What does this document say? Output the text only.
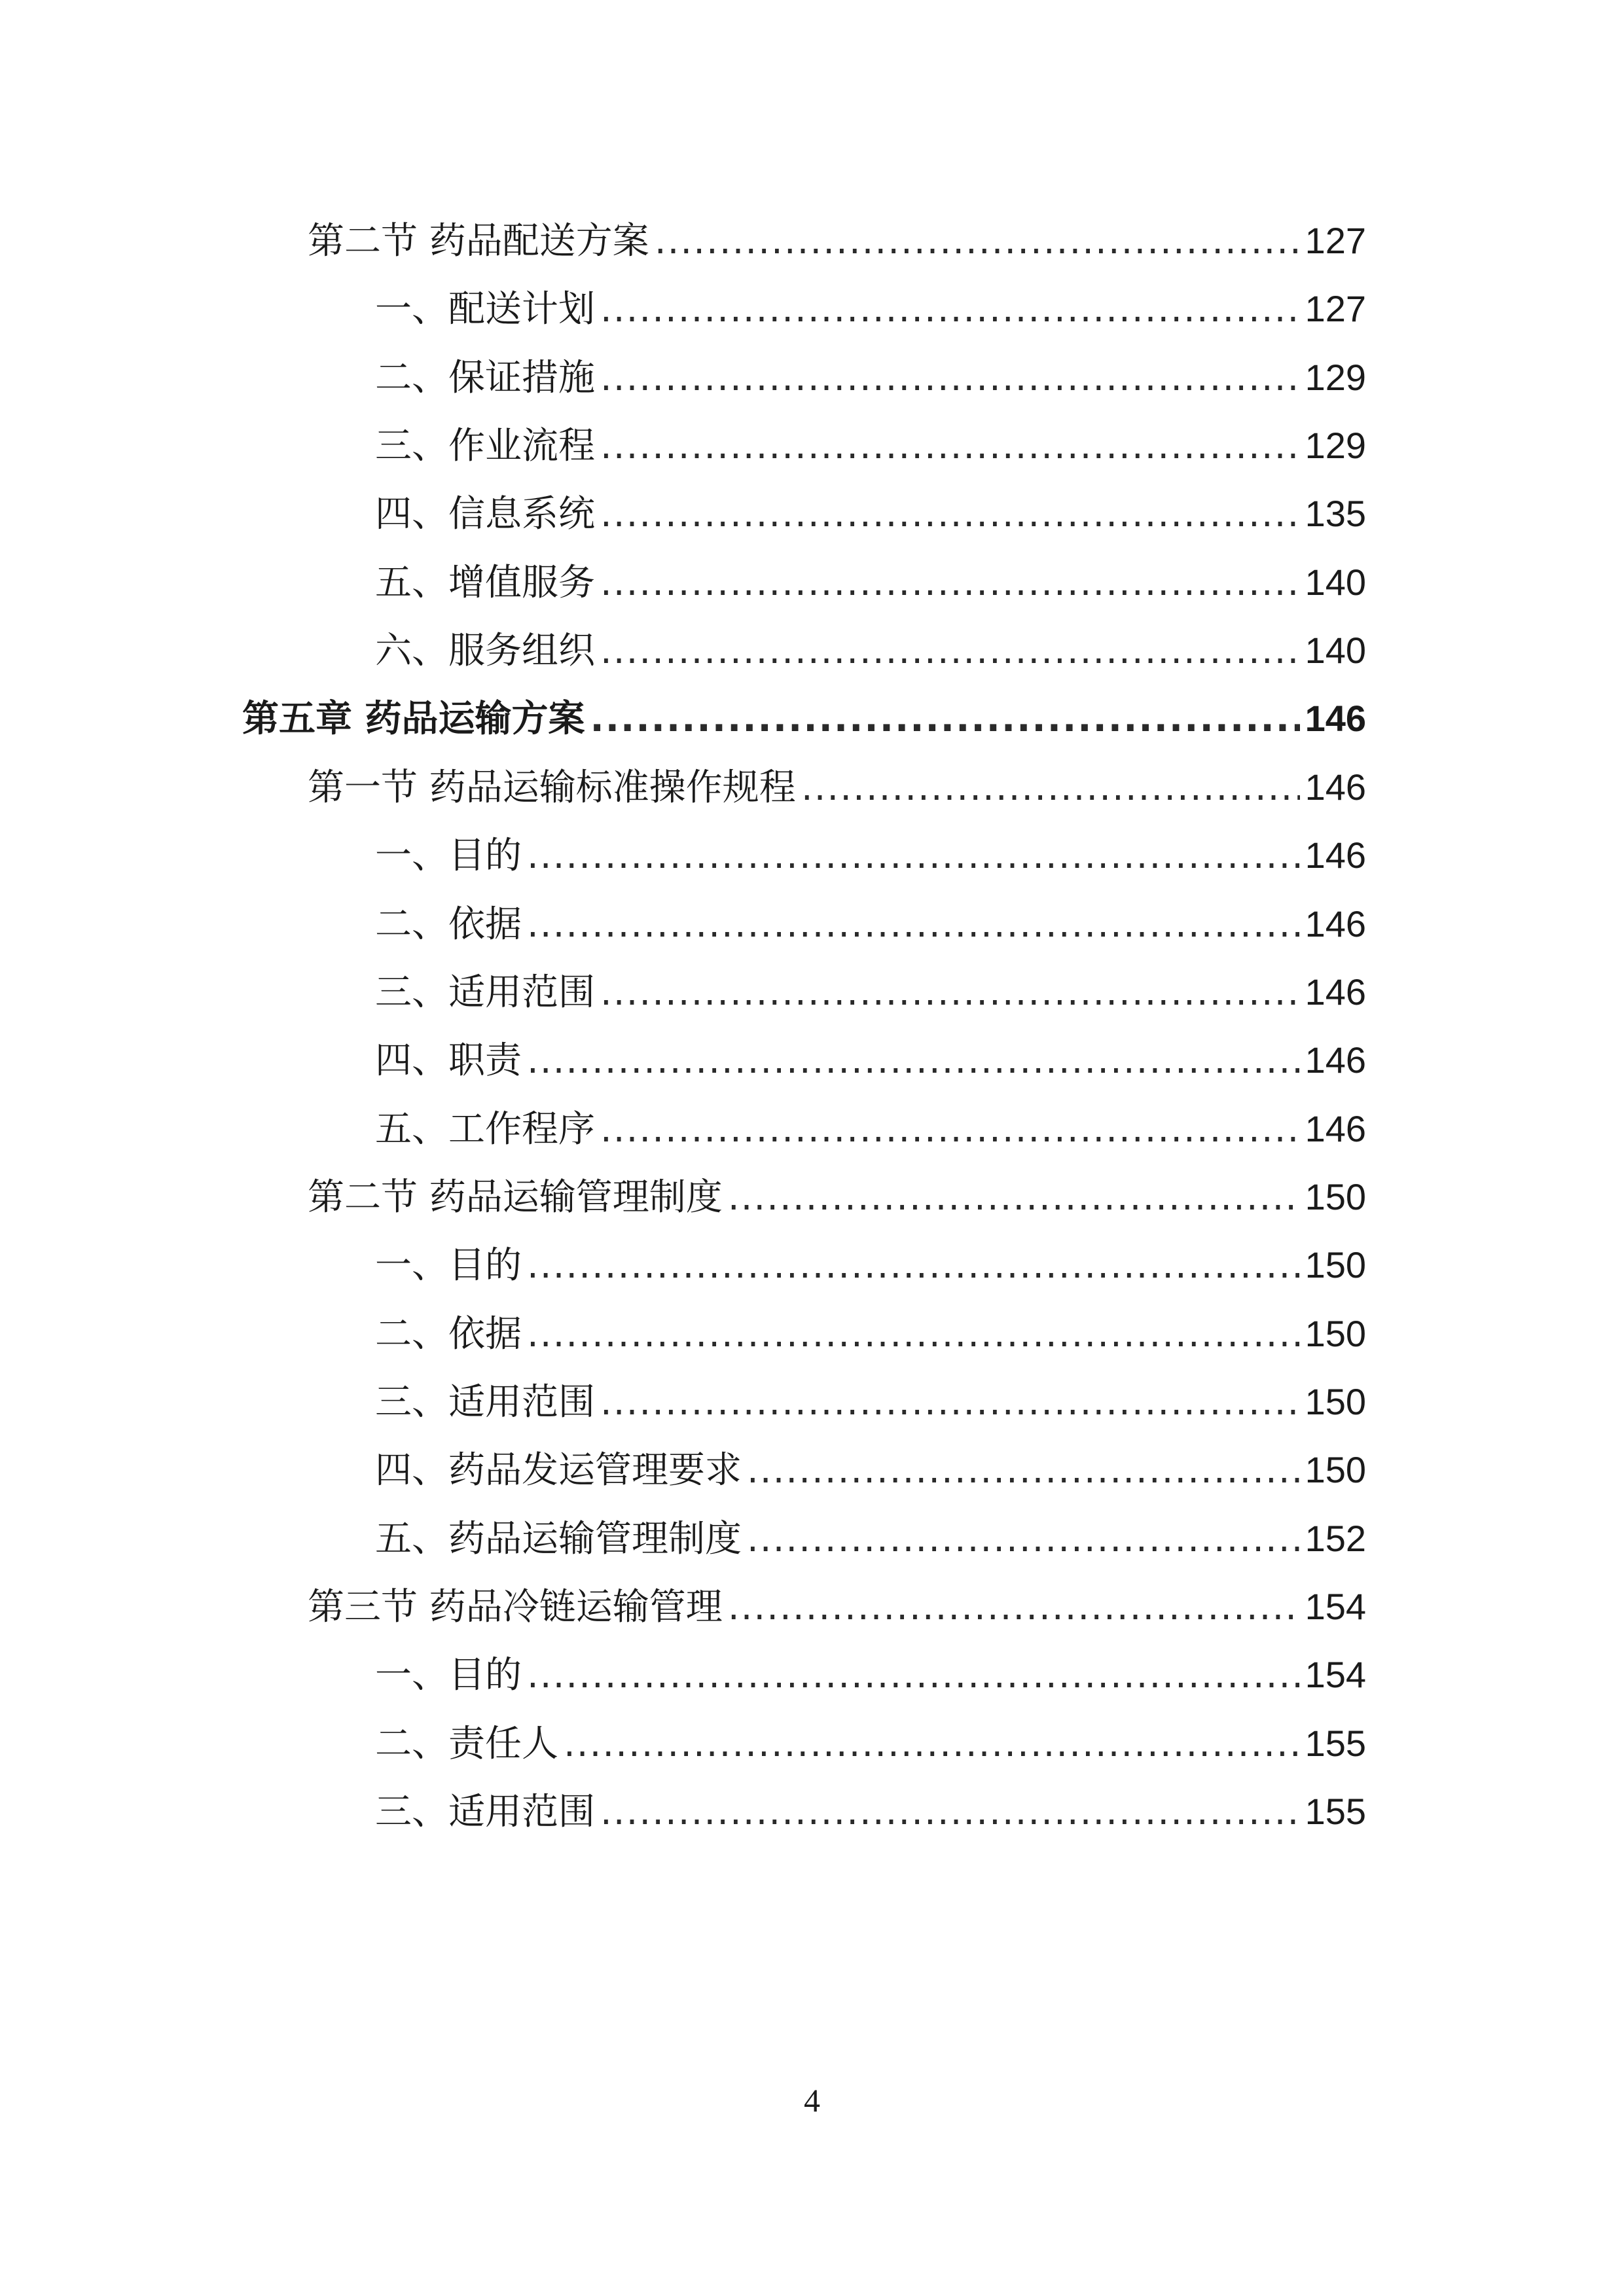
第二节 药品配送方案 .....	127
一、配送计划 .....	127
二、保证措施 .....	129
三、作业流程 .....	129
四、信息系统 .....	135
五、增值服务 .....	140
六、服务组织 .....	140
第五章 药品运输方案 .....	146
第一节 药品运输标准操作规程 .....	146
一、目的 .....	146
二、依据 .....	146
三、适用范围 .....	146
四、职责 .....	146
五、工作程序 .....	146
第二节 药品运输管理制度 .....	150
一、目的 .....	150
二、依据 .....	150
三、适用范围 .....	150
四、药品发运管理要求 .....	150
五、药品运输管理制度 .....	152
第三节 药品冷链运输管理 .....	154
一、目的 .....	154
二、责任人 .....	155
三、适用范围 .....	155
4
